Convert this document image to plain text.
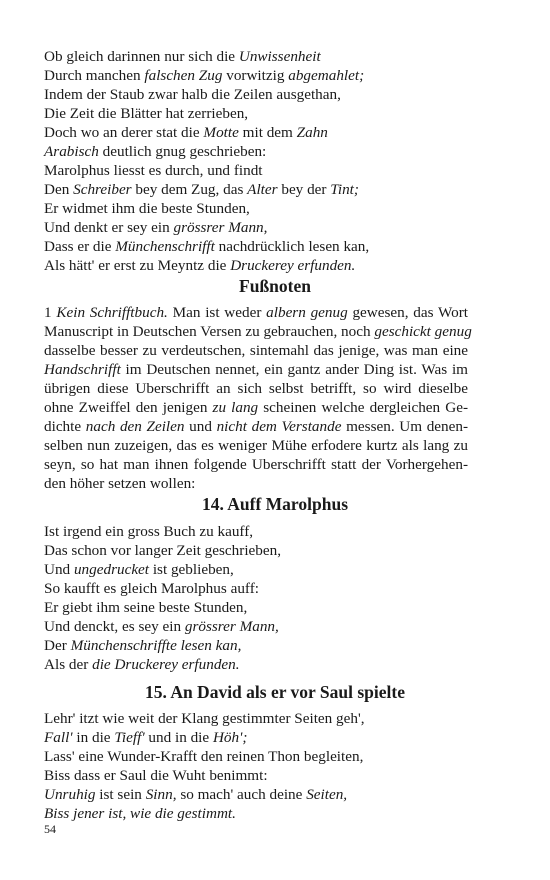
Ob gleich darinnen nur sich die Unwissenheit
Durch manchen falschen Zug vorwitzig abgemahlet;
Indem der Staub zwar halb die Zeilen ausgethan,
Die Zeit die Blätter hat zerrieben,
Doch wo an derer stat die Motte mit dem Zahn
Arabisch deutlich gnug geschrieben:
Marolphus liesst es durch, und findt
Den Schreiber bey dem Zug, das Alter bey der Tint;
Er widmet ihm die beste Stunden,
Und denkt er sey ein grössrer Mann,
Dass er die Münchenschrifft nachdrücklich lesen kan,
Als hätt' er erst zu Meyntz die Druckerey erfunden.
Fußnoten
1 Kein Schrifftbuch. Man ist weder albern genug gewesen, das Wort
Manuscript in Deutschen Versen zu gebrauchen, noch geschickt genug
dasselbe besser zu verdeutschen, sintemahl das jenige, was man eine
Handschrifft im Deutschen nennet, ein gantz ander Ding ist. Was im
übrigen diese Uberschrifft an sich selbst betrifft, so wird dieselbe
ohne Zweiffel den jenigen zu lang scheinen welche dergleichen Ge-
dichte nach den Zeilen und nicht dem Verstande messen. Um denen-
selben nun zuzeigen, das es weniger Mühe erfodere kurtz als lang zu
seyn, so hat man ihnen folgende Uberschrifft statt der Vorhergehen-
den höher setzen wollen:
14. Auff Marolphus
Ist irgend ein gross Buch zu kauff,
Das schon vor langer Zeit geschrieben,
Und ungedrucket ist geblieben,
So kaufft es gleich Marolphus auff:
Er giebt ihm seine beste Stunden,
Und denckt, es sey ein grössrer Mann,
Der Münchenschriffte lesen kan,
Als der die Druckerey erfunden.
15. An David als er vor Saul spielte
Lehr' itzt wie weit der Klang gestimmter Seiten geh',
Fall' in die Tieff' und in die Höh';
Lass' eine Wunder-Krafft den reinen Thon begleiten,
Biss dass er Saul die Wuht benimmt:
Unruhig ist sein Sinn, so mach' auch deine Seiten,
Biss jener ist, wie die gestimmt.
54
